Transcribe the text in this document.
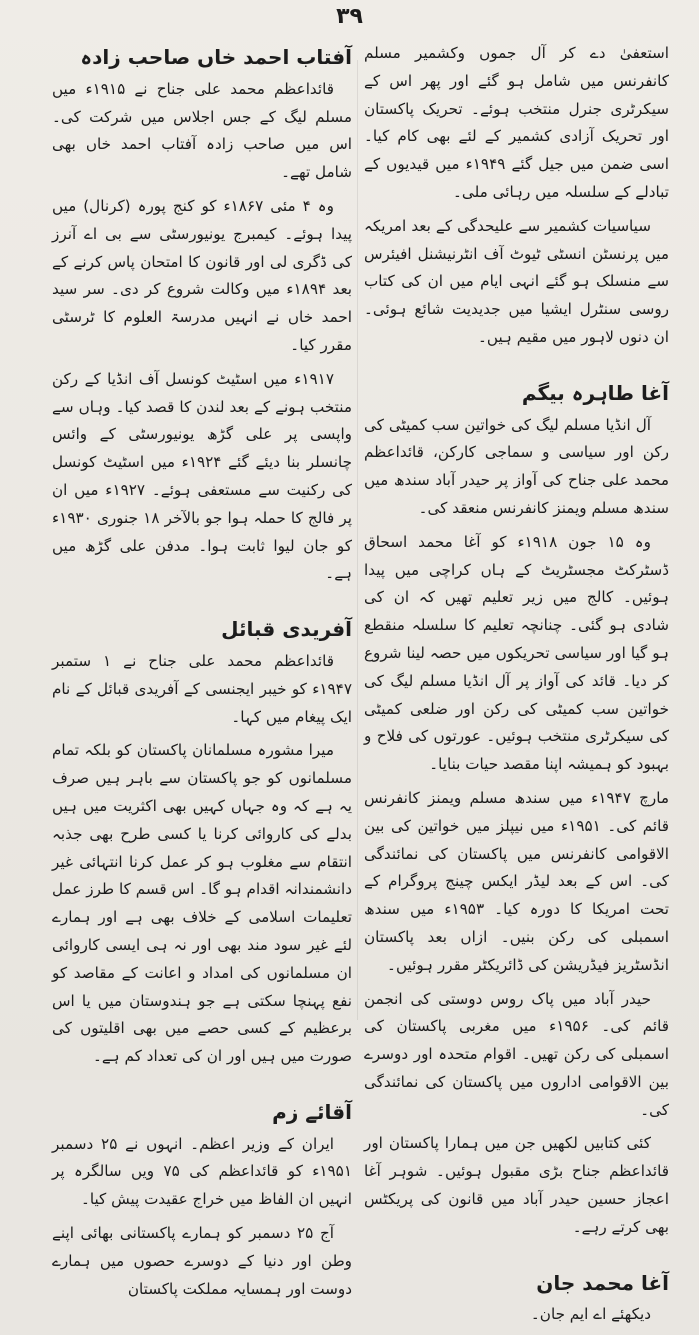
۳۹

استعفیٰ دے کر آل جموں وکشمیر مسلم کانفرنس میں شامل ہو گئے اور پھر اس کے سیکرٹری جنرل منتخب ہوئے۔ تحریک پاکستان اور تحریک آزادی کشمیر کے لئے بھی کام کیا۔ اسی ضمن میں جیل گئے ۱۹۴۹ء میں قیدیوں کے تبادلے کے سلسلہ میں رہائی ملی۔

سیاسیات کشمیر سے علیحدگی کے بعد امریکہ میں پرنسٹن انسٹی ٹیوٹ آف انٹرنیشنل افیئرس سے منسلک ہو گئے انہی ایام میں ان کی کتاب روسی سنٹرل ایشیا میں جدیدیت شائع ہوئی۔ ان دنوں لاہور میں مقیم ہیں۔

آغا طاہرہ بیگم

آل انڈیا مسلم لیگ کی خواتین سب کمیٹی کی رکن اور سیاسی و سماجی کارکن، قائداعظم محمد علی جناح کی آواز پر حیدر آباد سندھ میں سندھ مسلم ویمنز کانفرنس منعقد کی۔

وہ ۱۵ جون ۱۹۱۸ء کو آغا محمد اسحاق ڈسٹرکٹ مجسٹریٹ کے ہاں کراچی میں پیدا ہوئیں۔ کالج میں زیر تعلیم تھیں کہ ان کی شادی ہو گئی۔ چنانچہ تعلیم کا سلسلہ منقطع ہو گیا اور سیاسی تحریکوں میں حصہ لینا شروع کر دیا۔ قائد کی آواز پر آل انڈیا مسلم لیگ کی خواتین سب کمیٹی کی رکن اور ضلعی کمیٹی کی سیکرٹری منتخب ہوئیں۔ عورتوں کی فلاح و بہبود کو ہمیشہ اپنا مقصد حیات بنایا۔

مارچ ۱۹۴۷ء میں سندھ مسلم ویمنز کانفرنس قائم کی۔ ۱۹۵۱ء میں نیپلز میں خواتین کی بین الاقوامی کانفرنس میں پاکستان کی نمائندگی کی۔ اس کے بعد لیڈر ایکس چینج پروگرام کے تحت امریکا کا دورہ کیا۔ ۱۹۵۳ء میں سندھ اسمبلی کی رکن بنیں۔ ازاں بعد پاکستان انڈسٹریز فیڈریشن کی ڈائریکٹر مقرر ہوئیں۔

حیدر آباد میں پاک روس دوستی کی انجمن قائم کی۔ ۱۹۵۶ء میں مغربی پاکستان کی اسمبلی کی رکن تھیں۔ اقوام متحدہ اور دوسرے بین الاقوامی اداروں میں پاکستان کی نمائندگی کی۔

کئی کتابیں لکھیں جن میں ہمارا پاکستان اور قائداعظم جناح بڑی مقبول ہوئیں۔ شوہر آغا اعجاز حسین حیدر آباد میں قانون کی پریکٹس بھی کرتے رہے۔

آغا محمد جان

دیکھئے اے ایم جان۔

آفتاب احمد خاں صاحب زادہ

قائداعظم محمد علی جناح نے ۱۹۱۵ء میں مسلم لیگ کے جس اجلاس میں شرکت کی۔ اس میں صاحب زادہ آفتاب احمد خاں بھی شامل تھے۔

وہ ۴ مئی ۱۸۶۷ء کو کنج پورہ (کرنال) میں پیدا ہوئے۔ کیمبرج یونیورسٹی سے بی اے آنرز کی ڈگری لی اور قانون کا امتحان پاس کرنے کے بعد ۱۸۹۴ء میں وکالت شروع کر دی۔ سر سید احمد خاں نے انہیں مدرسۃ العلوم کا ٹرسٹی مقرر کیا۔

۱۹۱۷ء میں اسٹیٹ کونسل آف انڈیا کے رکن منتخب ہونے کے بعد لندن کا قصد کیا۔ وہاں سے واپسی پر علی گڑھ یونیورسٹی کے وائس چانسلر بنا دیئے گئے ۱۹۲۴ء میں اسٹیٹ کونسل کی رکنیت سے مستعفی ہوئے۔ ۱۹۲۷ء میں ان پر فالج کا حملہ ہوا جو بالآخر ۱۸ جنوری ۱۹۳۰ء کو جان لیوا ثابت ہوا۔ مدفن علی گڑھ میں ہے۔

آفریدی قبائل

قائداعظم محمد علی جناح نے ۱ ستمبر ۱۹۴۷ء کو خیبر ایجنسی کے آفریدی قبائل کے نام ایک پیغام میں کہا۔

میرا مشورہ مسلمانان پاکستان کو بلکہ تمام مسلمانوں کو جو پاکستان سے باہر ہیں صرف یہ ہے کہ وہ جہاں کہیں بھی اکثریت میں ہیں بدلے کی کاروائی کرنا یا کسی طرح بھی جذبہ انتقام سے مغلوب ہو کر عمل کرنا انتہائی غیر دانشمندانہ اقدام ہو گا۔ اس قسم کا طرز عمل تعلیمات اسلامی کے خلاف بھی ہے اور ہمارے لئے غیر سود مند بھی اور نہ ہی ایسی کاروائی ان مسلمانوں کی امداد و اعانت کے مقاصد کو نفع پہنچا سکتی ہے جو ہندوستان میں یا اس برعظیم کے کسی حصے میں بھی اقلیتوں کی صورت میں ہیں اور ان کی تعداد کم ہے۔

آقائے زم

ایران کے وزیر اعظم۔ انہوں نے ۲۵ دسمبر ۱۹۵۱ء کو قائداعظم کی ۷۵ ویں سالگرہ پر انہیں ان الفاظ میں خراج عقیدت پیش کیا۔

آج ۲۵ دسمبر کو ہمارے پاکستانی بھائی اپنے وطن اور دنیا کے دوسرے حصوں میں ہمارے دوست اور ہمسایہ مملکت پاکستان
